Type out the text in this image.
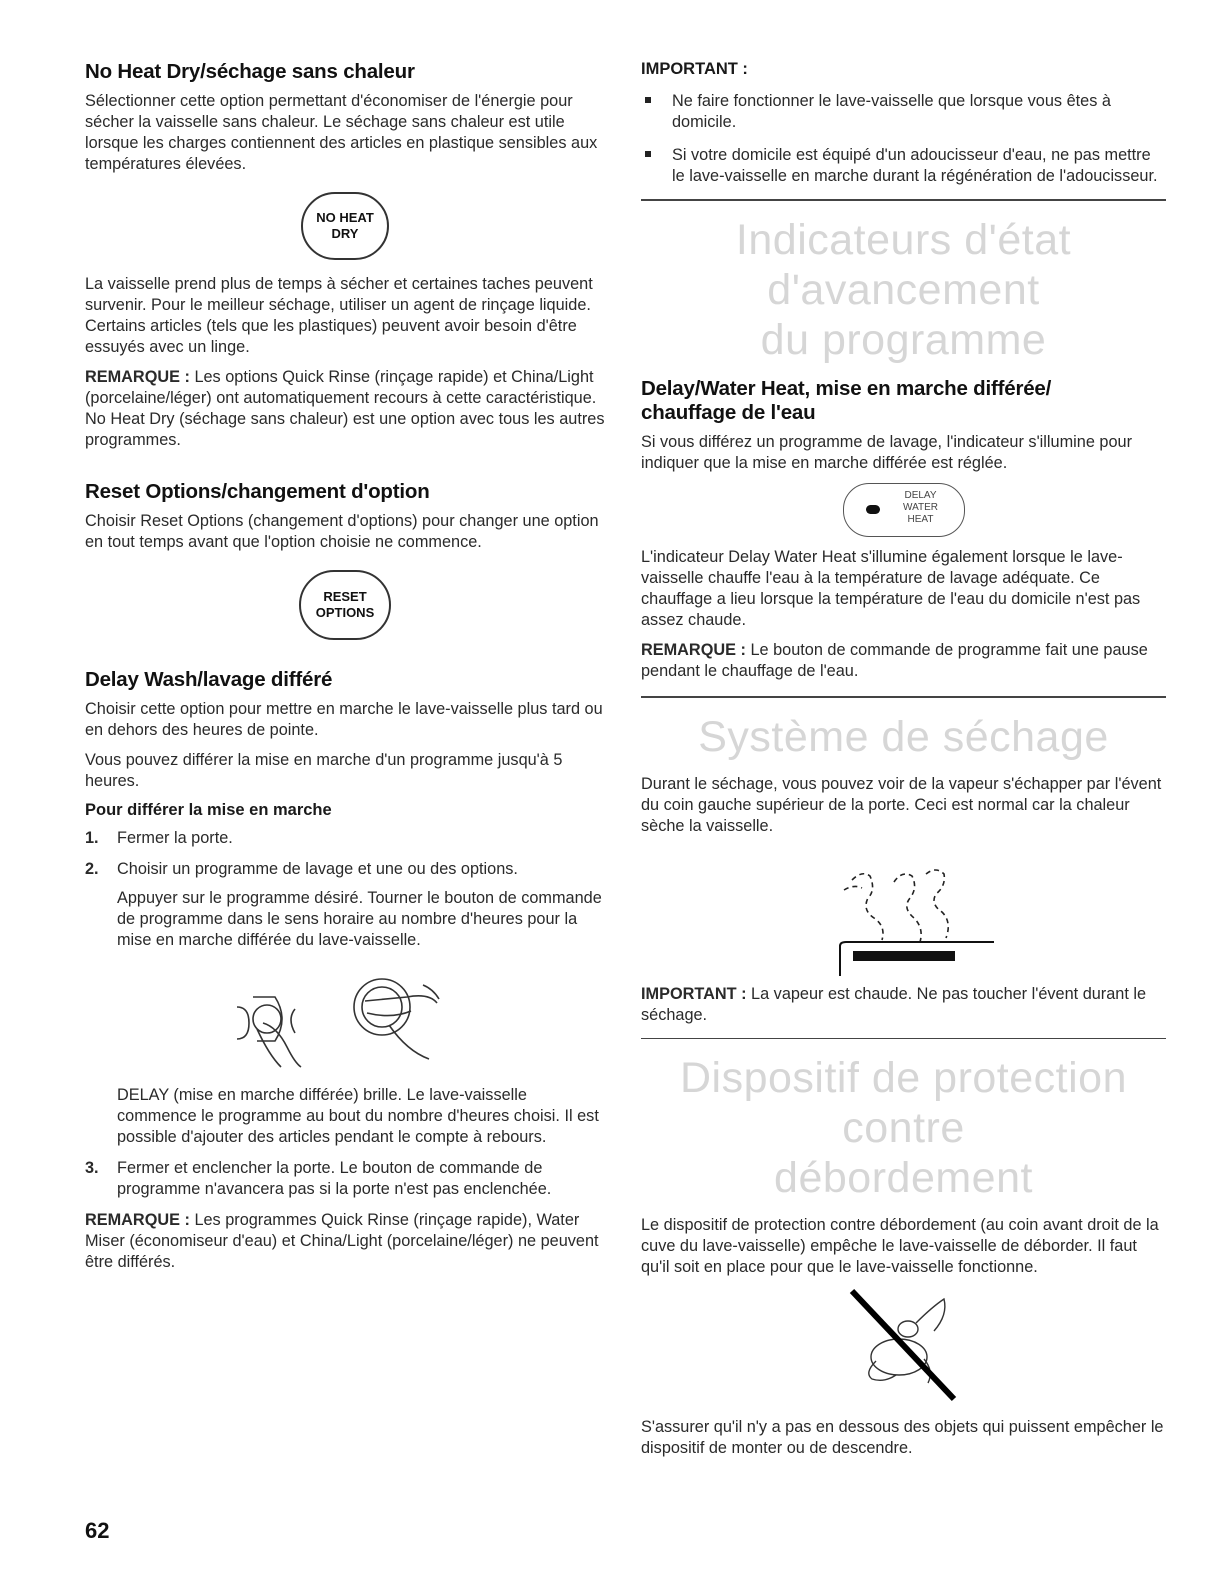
No Heat Dry/séchage sans chaleur

Sélectionner cette option permettant d'économiser de l'énergie pour sécher la vaisselle sans chaleur. Le séchage sans chaleur est utile lorsque les charges contiennent des articles en plastique sensibles aux températures élevées.

NO HEAT
DRY

La vaisselle prend plus de temps à sécher et certaines taches peuvent survenir. Pour le meilleur séchage, utiliser un agent de rinçage liquide. Certains articles (tels que les plastiques) peuvent avoir besoin d'être essuyés avec un linge.

REMARQUE : Les options Quick Rinse (rinçage rapide) et China/Light (porcelaine/léger) ont automatiquement recours à cette caractéristique. No Heat Dry (séchage sans chaleur) est une option avec tous les autres programmes.

Reset Options/changement d'option

Choisir Reset Options (changement d'options) pour changer une option en tout temps avant que l'option choisie ne commence.

RESET
OPTIONS
Delay Wash/lavage différé

Choisir cette option pour mettre en marche le lave-vaisselle plus tard ou en dehors des heures de pointe.

Vous pouvez différer la mise en marche d'un programme jusqu'à 5 heures.

Pour différer la mise en marche
1. Fermer la porte.
2. Choisir un programme de lavage et une ou des options.

Appuyer sur le programme désiré. Tourner le bouton de commande de programme dans le sens horaire au nombre d'heures pour la mise en marche différée du lave-vaisselle.

DELAY (mise en marche différée) brille. Le lave-vaisselle commence le programme au bout du nombre d'heures choisi. Il est possible d'ajouter des articles pendant le compte à rebours.

3. Fermer et enclencher la porte. Le bouton de commande de programme n'avancera pas si la porte n'est pas enclenchée.

REMARQUE : Les programmes Quick Rinse (rinçage rapide), Water Miser (économiseur d'eau) et China/Light (porcelaine/léger) ne peuvent être différés.

IMPORTANT :
Ne faire fonctionner le lave-vaisselle que lorsque vous êtes à domicile.
Si votre domicile est équipé d'un adoucisseur d'eau, ne pas mettre le lave-vaisselle en marche durant la régénération de l'adoucisseur.
Indicateurs d'état d'avancement
du programme
Delay/Water Heat, mise en marche différée/
chauffage de l'eau

Si vous différez un programme de lavage, l'indicateur s'illumine pour indiquer que la mise en marche différée est réglée.

DELAY
WATER
HEAT

L'indicateur Delay Water Heat s'illumine également lorsque le lave-vaisselle chauffe l'eau à la température de lavage adéquate. Ce chauffage a lieu lorsque la température de l'eau du domicile n'est pas assez chaude.

REMARQUE : Le bouton de commande de programme fait une pause pendant le chauffage de l'eau.

Système de séchage

Durant le séchage, vous pouvez voir de la vapeur s'échapper par l'évent du coin gauche supérieur de la porte. Ceci est normal car la chaleur sèche la vaisselle.

IMPORTANT : La vapeur est chaude. Ne pas toucher l'évent durant le séchage.

Dispositif de protection contre
débordement

Le dispositif de protection contre débordement (au coin avant droit de la cuve du lave-vaisselle) empêche le lave-vaisselle de déborder. Il faut qu'il soit en place pour que le lave-vaisselle fonctionne.

S'assurer qu'il n'y a pas en dessous des objets qui puissent empêcher le dispositif de monter ou de descendre.

62
